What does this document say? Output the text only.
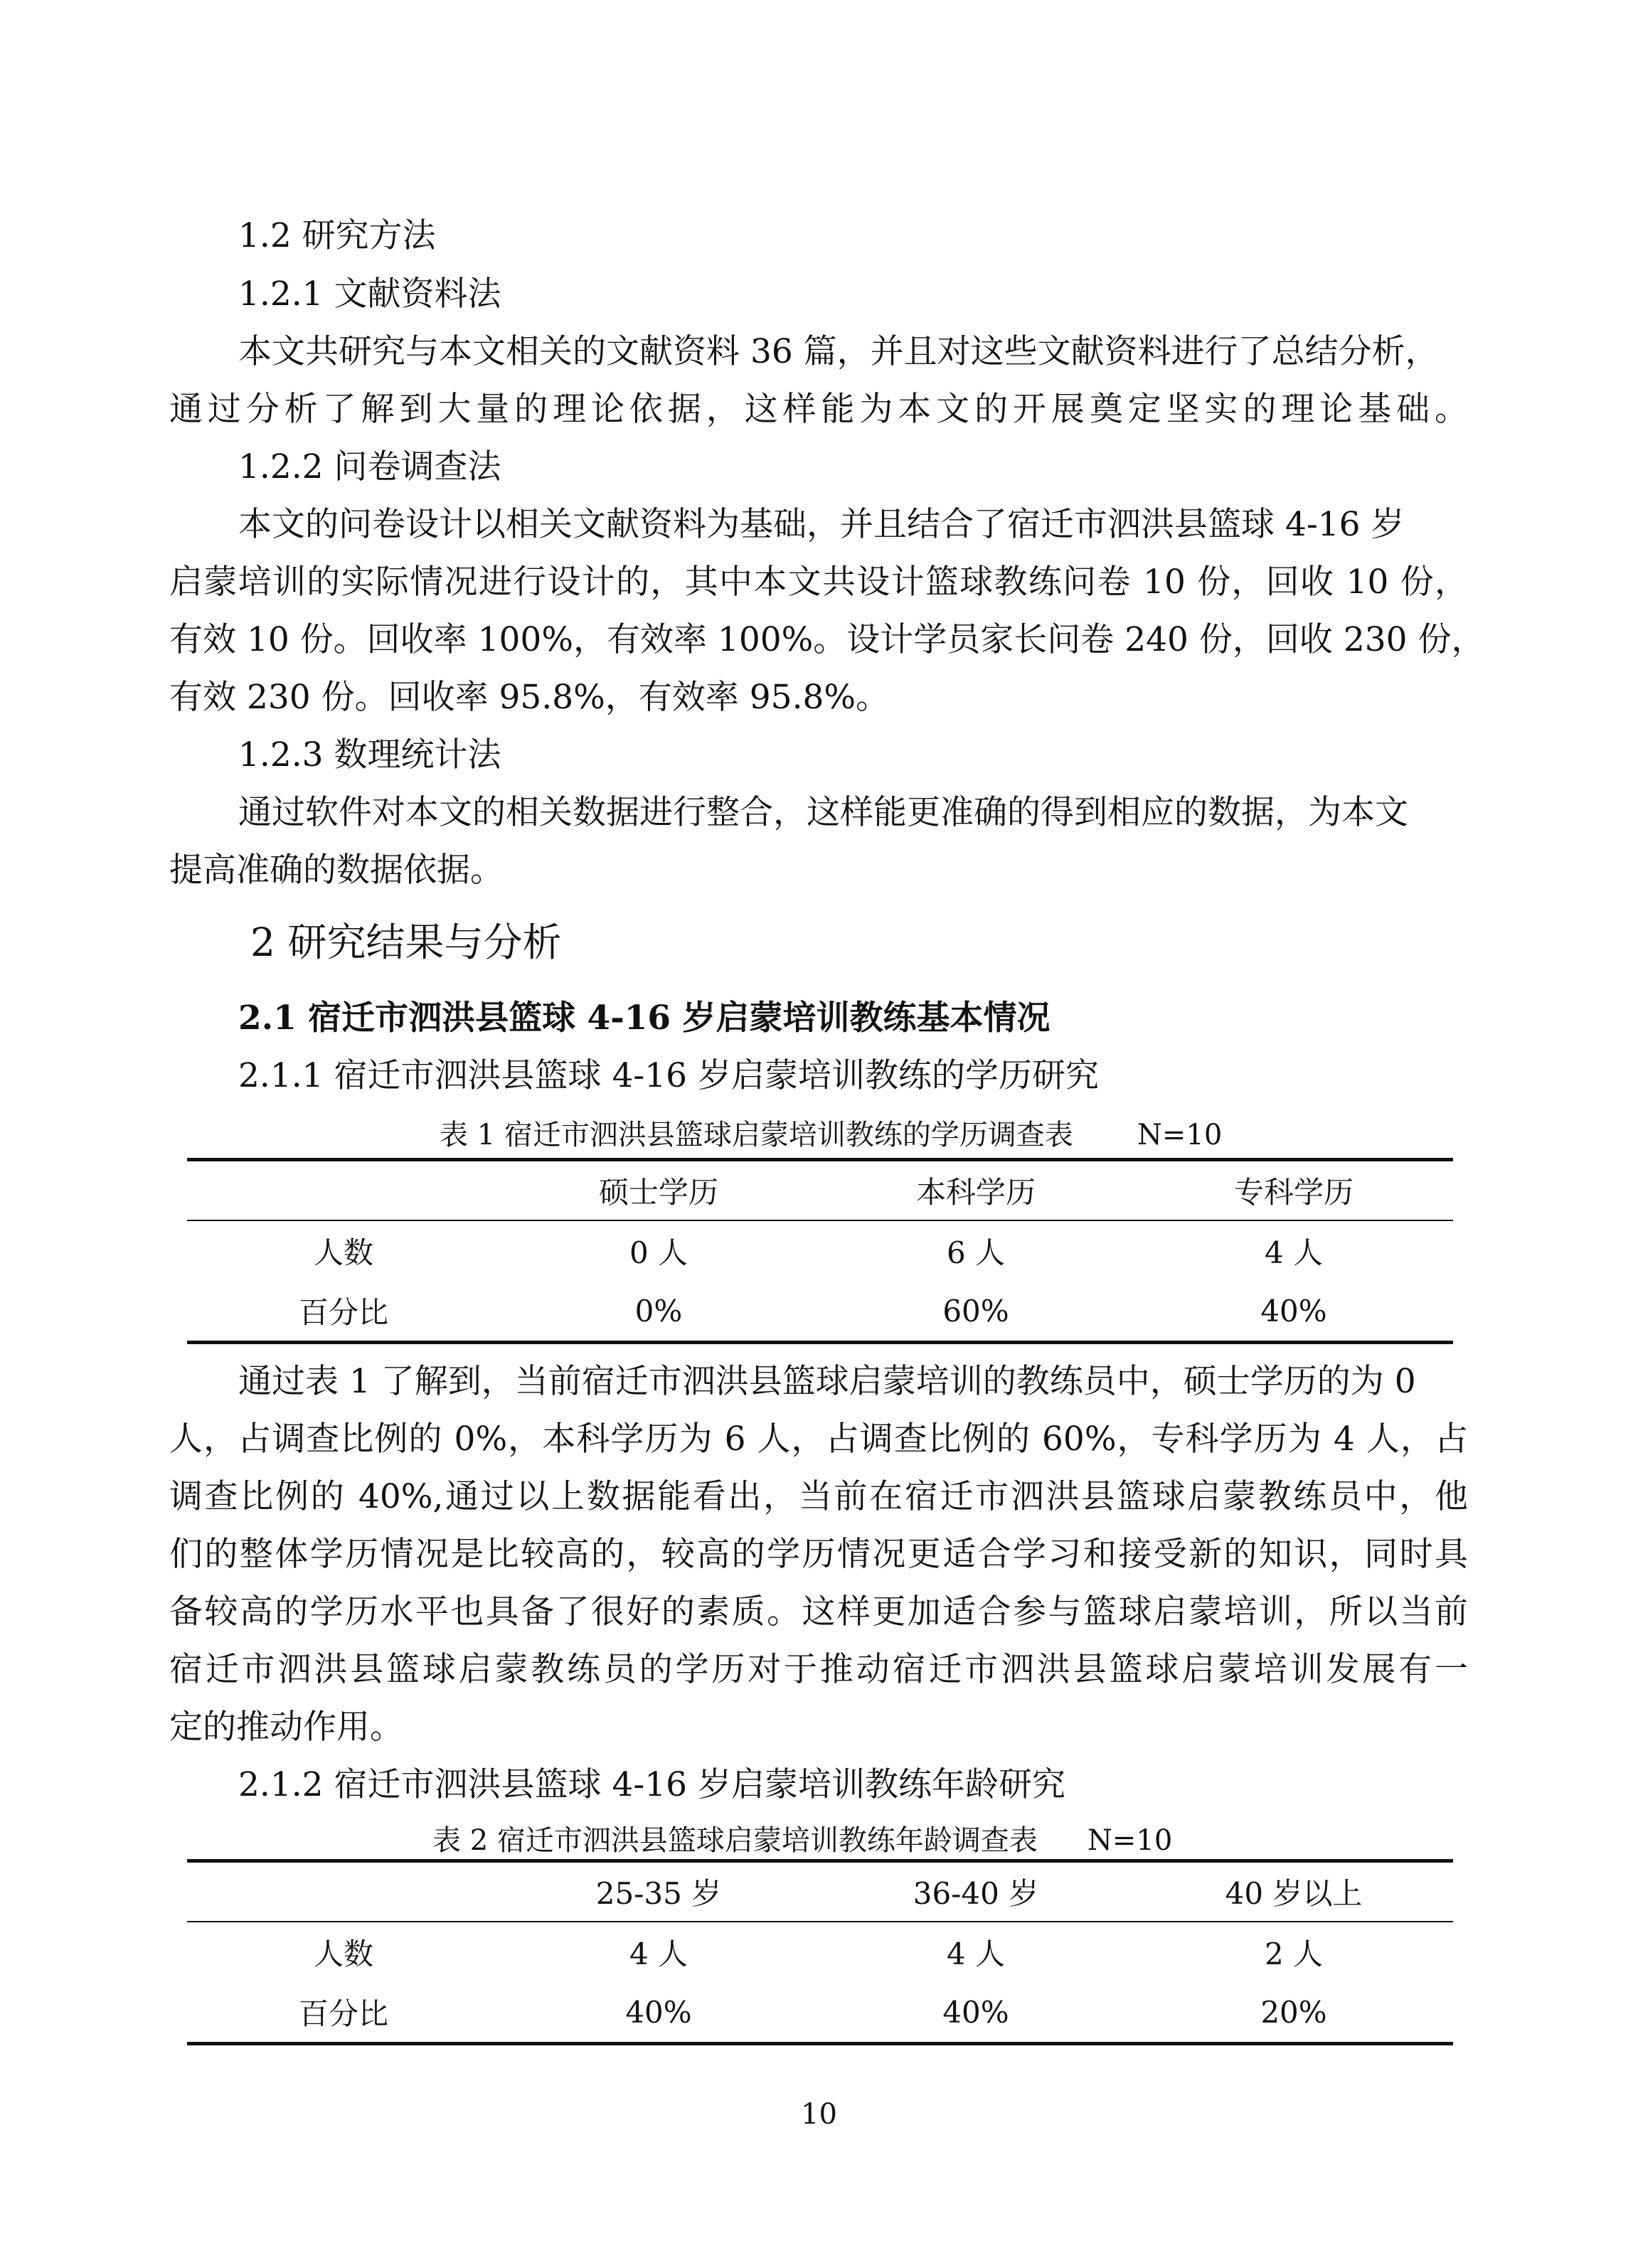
1.2 研究方法
1.2.1 文献资料法
本文共研究与本文相关的文献资料 36 篇，并且对这些文献资料进行了总结分析，
通过分析了解到大量的理论依据，这样能为本文的开展奠定坚实的理论基础。
1.2.2 问卷调查法
本文的问卷设计以相关文献资料为基础，并且结合了宿迁市泗洪县篮球 4-16 岁
启蒙培训的实际情况进行设计的，其中本文共设计篮球教练问卷 10 份，回收 10 份，
有效 10 份。回收率 100%，有效率 100%。设计学员家长问卷 240 份，回收 230 份，
有效 230 份。回收率 95.8%，有效率 95.8%。
1.2.3 数理统计法
通过软件对本文的相关数据进行整合，这样能更准确的得到相应的数据，为本文
提高准确的数据依据。
2 研究结果与分析
2.1 宿迁市泗洪县篮球 4-16 岁启蒙培训教练基本情况
2.1.1 宿迁市泗洪县篮球 4-16 岁启蒙培训教练的学历研究
表 1 宿迁市泗洪县篮球启蒙培训教练的学历调查表 N=10
	硕士学历	本科学历	专科学历
人数	0 人	6 人	4 人
百分比	0%	60%	40%
通过表 1 了解到，当前宿迁市泗洪县篮球启蒙培训的教练员中，硕士学历的为 0
人，占调查比例的 0%，本科学历为 6 人，占调查比例的 60%，专科学历为 4 人，占
调查比例的 40%,通过以上数据能看出，当前在宿迁市泗洪县篮球启蒙教练员中，他
们的整体学历情况是比较高的，较高的学历情况更适合学习和接受新的知识，同时具
备较高的学历水平也具备了很好的素质。这样更加适合参与篮球启蒙培训，所以当前
宿迁市泗洪县篮球启蒙教练员的学历对于推动宿迁市泗洪县篮球启蒙培训发展有一
定的推动作用。
2.1.2 宿迁市泗洪县篮球 4-16 岁启蒙培训教练年龄研究
表 2 宿迁市泗洪县篮球启蒙培训教练年龄调查表 N=10
	25-35 岁	36-40 岁	40 岁以上
人数	4 人	4 人	2 人
百分比	40%	40%	20%
10
